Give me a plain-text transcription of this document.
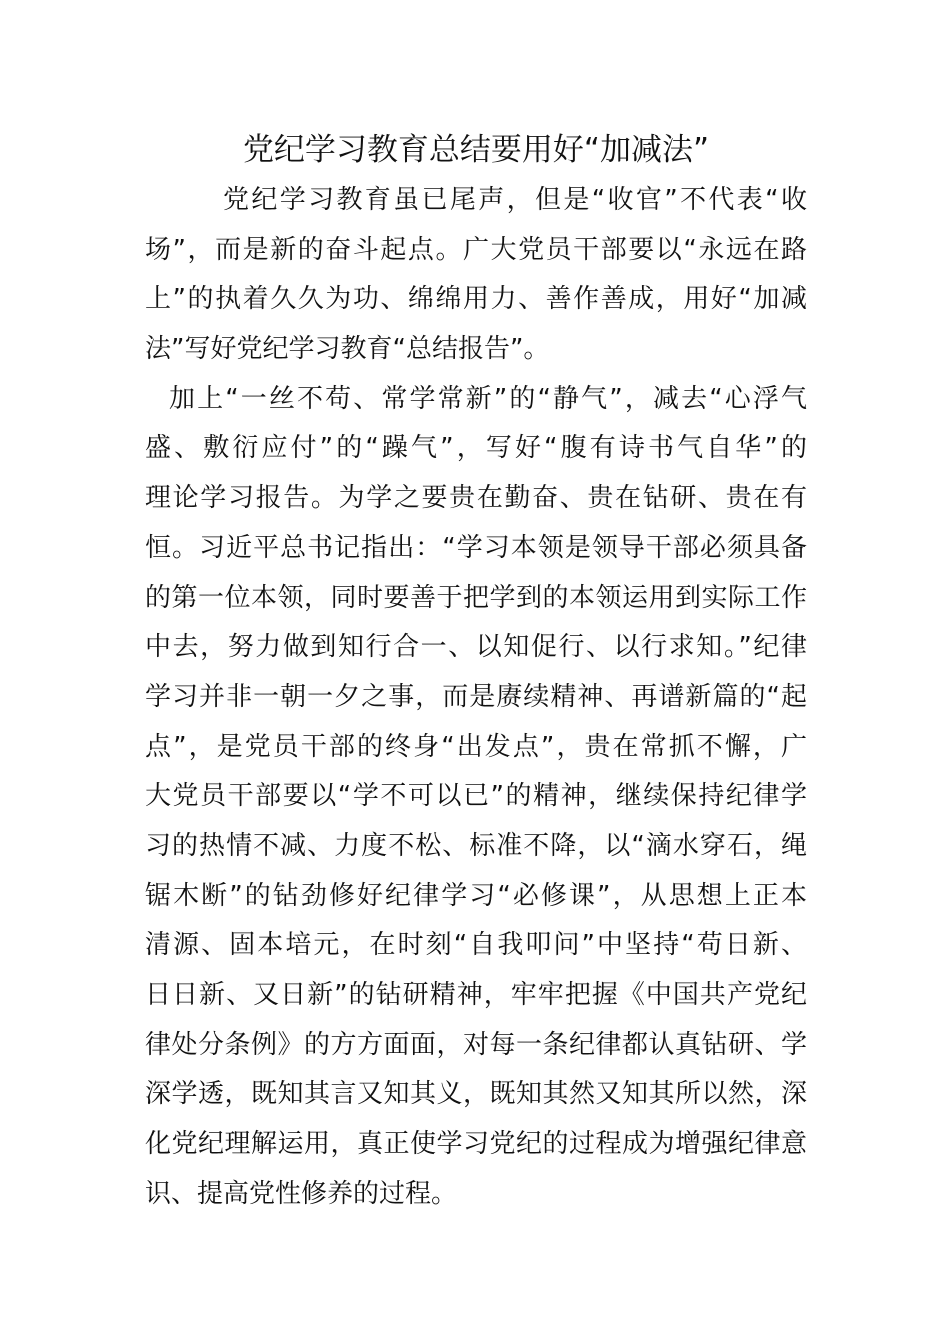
党纪学习教育总结要用好“加减法”
党纪学习教育虽已尾声，但是“收官”不代表“收
场”，而是新的奋斗起点。广大党员干部要以“永远在路
上”的执着久久为功、绵绵用力、善作善成，用好“加减
法”写好党纪学习教育“总结报告”。
加上“一丝不苟、常学常新”的“静气”，减去“心浮气
盛、敷衍应付”的“躁气”，写好“腹有诗书气自华”的
理论学习报告。为学之要贵在勤奋、贵在钻研、贵在有
恒。习近平总书记指出：“学习本领是领导干部必须具备
的第一位本领，同时要善于把学到的本领运用到实际工作
中去，努力做到知行合一、以知促行、以行求知。”纪律
学习并非一朝一夕之事，而是赓续精神、再谱新篇的“起
点”，是党员干部的终身“出发点”，贵在常抓不懈，广
大党员干部要以“学不可以已”的精神，继续保持纪律学
习的热情不减、力度不松、标准不降，以“滴水穿石，绳
锯木断”的钻劲修好纪律学习“必修课”，从思想上正本
清源、固本培元，在时刻“自我叩问”中坚持“苟日新、
日日新、又日新”的钻研精神，牢牢把握《中国共产党纪
律处分条例》的方方面面，对每一条纪律都认真钻研、学
深学透，既知其言又知其义，既知其然又知其所以然，深
化党纪理解运用，真正使学习党纪的过程成为增强纪律意
识、提高党性修养的过程。
